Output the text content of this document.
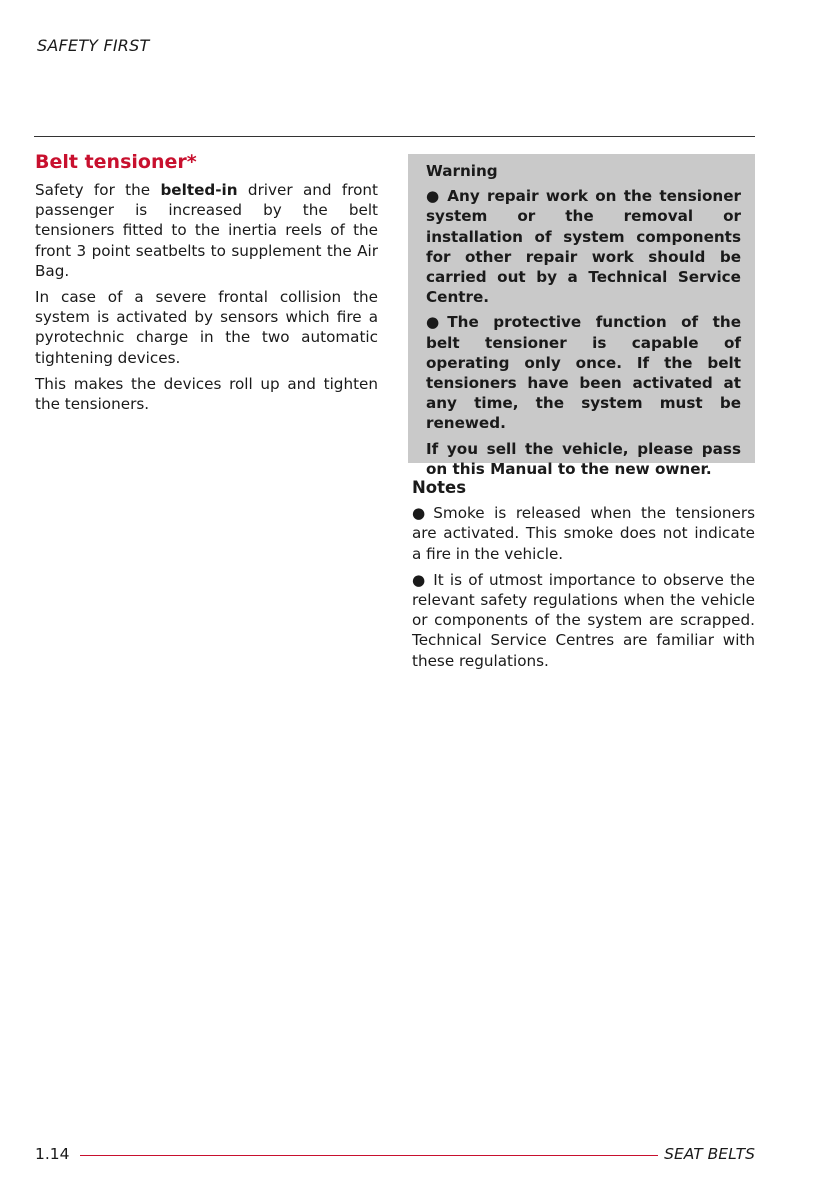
SAFETY FIRST
Belt tensioner*

Safety for the belted-in driver and front passenger is increased by the belt tensioners fitted to the inertia reels of the front 3 point seatbelts to supplement the Air Bag.

In case of a severe frontal collision the system is activated by sensors which fire a pyrotechnic charge in the two automatic tightening devices.

This makes the devices roll up and tighten the tensioners.

Warning

● Any repair work on the tensioner system or the removal or installation of system components for other repair work should be carried out by a Technical Service Centre.

● The protective function of the belt tensioner is capable of operating only once. If the belt tensioners have been activated at any time, the system must be renewed.

If you sell the vehicle, please pass on this Manual to the new owner.

Notes

● Smoke is released when the tensioners are activated. This smoke does not indicate a fire in the vehicle.

● It is of utmost importance to observe the relevant safety regulations when the vehicle or components of the system are scrapped. Technical Service Centres are familiar with these regulations.

1.14	SEAT BELTS
